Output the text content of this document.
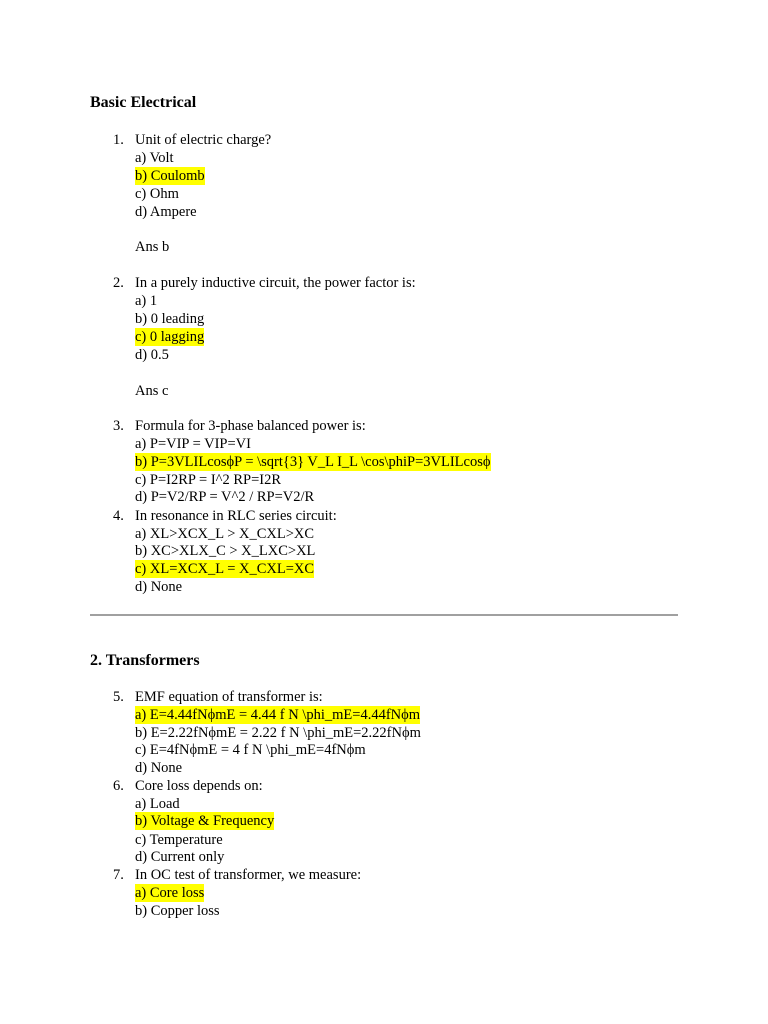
Basic Electrical
1. Unit of electric charge?
a) Volt
b) Coulomb
c) Ohm
d) Ampere
Ans b
2. In a purely inductive circuit, the power factor is:
a) 1
b) 0 leading
c) 0 lagging
d) 0.5
Ans c
3. Formula for 3-phase balanced power is:
a) P=VIP = VIP=VI
b) P=3VLILcosϕP = \sqrt{3} V_L I_L \cos\phiP=3VLILcosϕ
c) P=I2RP = I^2 RP=I2R
d) P=V2/RP = V^2 / RP=V2/R
4. In resonance in RLC series circuit:
a) XL>XCX_L > X_CXL>XC
b) XC>XLX_C > X_LXC>XL
c) XL=XCX_L = X_CXL=XC
d) None
2. Transformers
5. EMF equation of transformer is:
a) E=4.44fNϕmE = 4.44 f N \phi_mE=4.44fNϕm
b) E=2.22fNϕmE = 2.22 f N \phi_mE=2.22fNϕm
c) E=4fNϕmE = 4 f N \phi_mE=4fNϕm
d) None
6. Core loss depends on:
a) Load
b) Voltage & Frequency
c) Temperature
d) Current only
7. In OC test of transformer, we measure:
a) Core loss
b) Copper loss
